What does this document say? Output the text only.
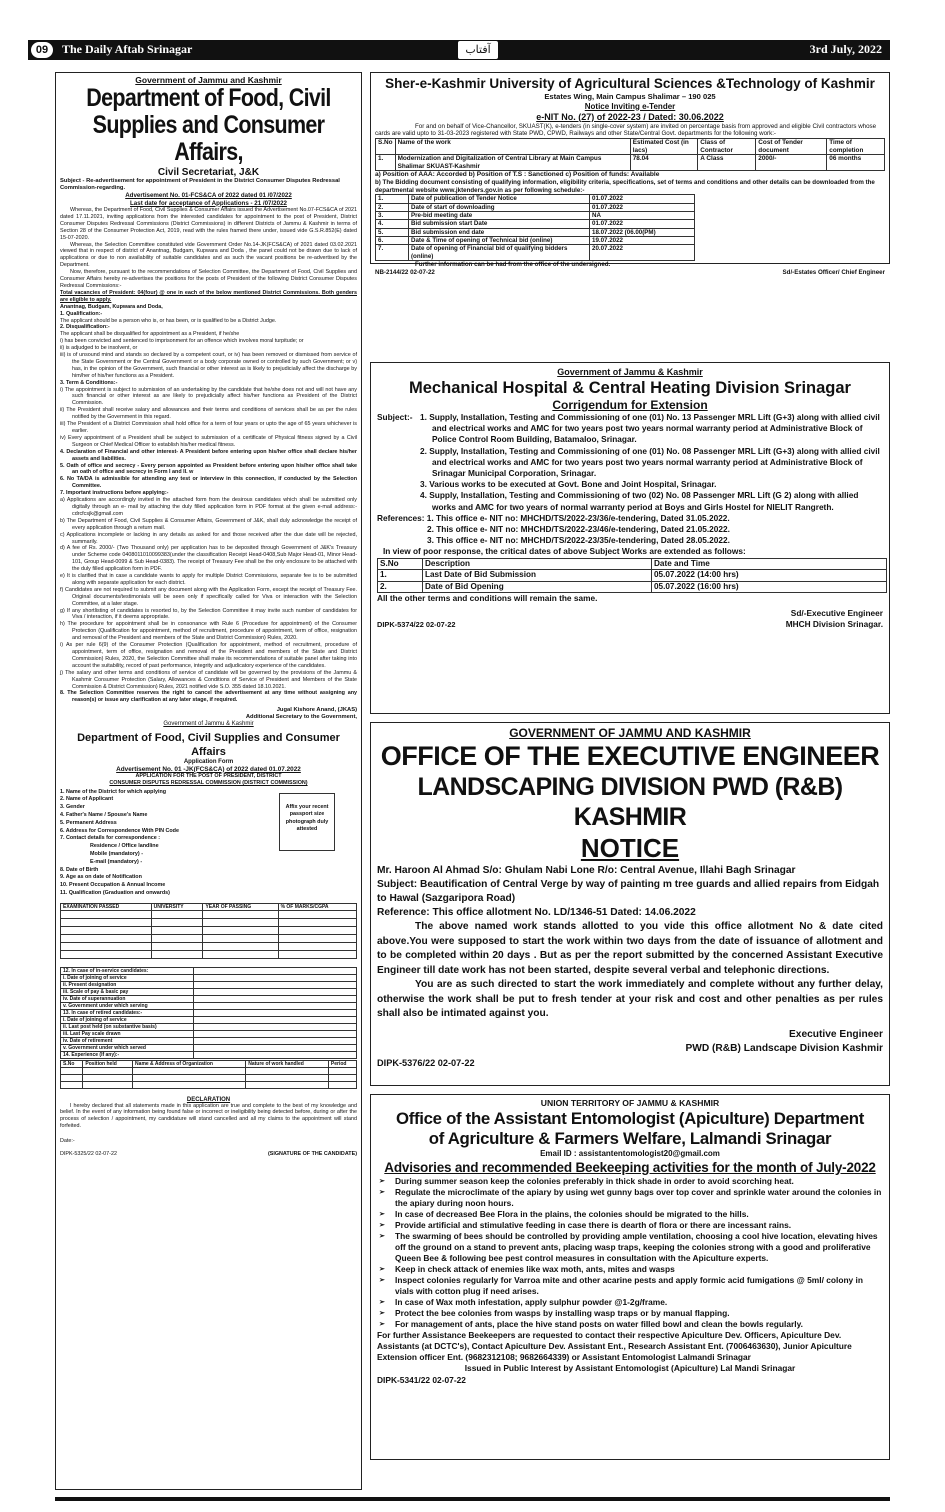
09	The Daily Aftab Srinagar	آفتاب	3rd July, 2022
Government of Jammu and Kashmir
Department of Food, Civil Supplies and Consumer Affairs,
Civil Secretariat, J&K
Subject - Re-advertisement for appointment of President in the District Consumer Disputes Redressal Commission-regarding.
Advertisement No. 01-FCS&CA of 2022 dated 01 /07/2022
Last date for acceptance of Applications - 21 /07/2022

Whereas, the Department of Food, Civil Supplies & Consumer Affairs issued the Advertisement No.07-FCS&CA of 2021 dated 17.11.2021, inviting applications from the interested candidates for appointment to the post of President, District Consumer Disputes Redressal Commissions (District Commissions) in different Districts of Jammu & Kashmir in terms of Section 28 of the Consumer Protection Act, 2019, read with the rules framed there under, issued vide G.S.R.852(E) dated 15-07-2020.

Whereas, the Selection Committee constituted vide Government Order No.14-JK(FCS&CA) of 2021 dated 03.02.2021 viewed that in respect of district of Anantnag, Budgam, Kupwara and Doda , the panel could not be drawn due to lack of applications or due to non availability of suitable candidates and as such the vacant positions be re-advertised by the Department.

Now, therefore, pursuant to the recommendations of Selection Committee, the Department of Food, Civil Supplies and Consumer Affairs hereby re-advertises the positions for the posts of President of the following District Consumer Disputes Redressal Commissions:-

Total vacancies of President: 04(four) @ one in each of the below mentioned District Commissions. Both genders are eligible to apply.

Anantnag, Budgam, Kupwara and Doda,

1. Qualification:-

The applicant should be a person who is, or has been, or is qualified to be a District Judge.

2. Disqualification:-

The applicant shall be disqualified for appointment as a President, if he/she

i) has been convicted and sentenced to imprisonment for an offence which involves moral turpitude; or

ii) is adjudged to be insolvent, or

iii) is of unsound mind and stands so declared by a competent court, or iv) has been removed or dismissed from service of the State Government or the Central Government or a body corporate owned or controlled by such Government; or v) has, in the opinion of the Government, such financial or other interest as is likely to prejudicially affect the discharge by him/her of his/her functions as a President.

3. Term & Conditions:-

i) The appointment is subject to submission of an undertaking by the candidate that he/she does not and will not have any such financial or other interest as are likely to prejudicially affect his/her functions as President of the District Commission.

ii) The President shall receive salary and allowances and their terms and conditions of services shall be as per the rules notified by the Government in this regard.

iii) The President of a District Commission shall hold office for a term of four years or upto the age of 65 years whichever is earlier.

iv) Every appointment of a President shall be subject to submission of a certificate of Physical fitness signed by a Civil Surgeon or Chief Medical Officer to establish his/her medical fitness.

4. Declaration of Financial and other interest- A President before entering upon his/her office shall declare his/her assets and liabilities.

5. Oath of office and secrecy - Every person appointed as President before entering upon his/her office shall take an oath of office and secrecy in Form I and II. w

6. No TA/DA is admissible for attending any test or interview in this connection, if conducted by the Selection Committee.

7. Important instructions before applying:-

a) Applications are accordingly invited in the attached form from the desirous candidates which shall be submitted only digitally through an e- mail by attaching the duly filled application form in PDF format at the given e-mail address:- cdrcfcsjk@gmail.com

b) The Department of Food, Civil Supplies & Consumer Affairs, Government of J&K, shall duly acknowledge the receipt of every application through a return mail.

c) Applications incomplete or lacking in any details as asked for and those received after the due date will be rejected, summarily.

d) A fee of Rs. 2000/- (Two Thousand only) per application has to be deposited through Government of J&K's Treasury under Scheme code 0408011010099383(under the classification Receipt Head-0408,Sub Major Head-01, Minor Head-101, Group Head-0099 & Sub Head-0383). The receipt of Treasury Fee shall be the only enclosure to be attached with the duly filled application form in PDF.

e) It is clarified that in case a candidate wants to apply for multiple District Commissions, separate fee is to be submitted along with separate application for each district.

f) Candidates are not required to submit any document along with the Application Form, except the receipt of Treasury Fee. Original documents/testimonials will be seen only if specifically called for Viva or interaction with the Selection Committee, at a later stage.

g) If any shortlisting of candidates is resorted to, by the Selection Committee it may invite such number of candidates for Viva / interaction, if it deems appropriate.

h) The procedure for appointment shall be in consonance with Rule 6 (Procedure for appointment) of the Consumer Protection (Qualification for appointment, method of recruitment, procedure of appointment, term of office, resignation and removal of the President and members of the State and District Commission) Rules, 2020.

i) As per rule 6(9) of the Consumer Protection (Qualification for appointment, method of recruitment, procedure of appointment, term of office, resignation and removal of the President and members of the State and District Commission) Rules, 2020, the Selection Committee shall make its recommendations of suitable panel after taking into account the suitability, record of past performance, integrity and adjudicatory experience of the candidates.

j) The salary and other terms and conditions of service of candidate will be governed by the provisions of the Jammu & Kashmir Consumer Protection (Salary, Allowances & Conditions of Service of President and Members of the State Commission & District Commission) Rules, 2021 notified vide S.O. 355 dated 18.10.2021.

8. The Selection Committee reserves the right to cancel the advertisement at any time without assigning any reason(s) or issue any clarification at any later stage, if required.

Jugal Kishore Anand, (JKAS)
Additional Secretary to the Government,
Government of Jammu & Kashmir
Department of Food, Civil Supplies and Consumer Affairs
Application Form
Advertisement No. 01 -JK(FCS&CA) of 2022 dated 01.07.2022
APPLICATION FOR THE POST OF PRESIDENT, DISTRICT
CONSUMER DISPUTES REDRESSAL COMMISSION (DISTRICT COMMISSION)
1. Name of the District for which applying
2. Name of Applicant
3. Gender
4. Father's Name / Spouse's Name
5. Permanent Address
6. Address for Correspondence With PIN Code
7. Contact details for correspondence :
Residence / Office landline
Mobile (mandatory) -
E-mail (mandatory) -
8. Date of Birth
9. Age as on date of Notification
10. Present Occupation & Annual Income
11. Qualification (Graduation and onwards)
Affix your recent passport size photograph duly attested
EXAMINATION PASSED	UNIVERSITY	YEAR OF PASSING	% OF MARKS/CGPA

12. In case of in-service candidates:	
i. Date of joining of service	
ii. Present designation	
iii. Scale of pay & basic pay	
iv. Date of superannuation	
v. Government under which serving	
13. In case of retired candidates:-	
i. Date of joining of service	
ii. Last post held (on substantive basis)	
iii. Last Pay scale drawn	
iv. Date of retirement	
v. Government under which served	
14. Experience (If any):-	
S.No	Position held	Name & Address of Organization	Nature of work handled	Period

DECLARATION
I hereby declared that all statements made in this application are true and complete to the best of my knowledge and belief. In the event of any information being found false or incorrect or ineligibility being detected before, during or after the process of selection / appointment, my candidature will stand cancelled and all my claims to the appointment will stand forfeited.
Date:-
DIPK-5325/22 02-07-22	(SIGNATURE OF THE CANDIDATE)
Sher-e-Kashmir University of Agricultural Sciences &Technology of Kashmir
Estates Wing, Main Campus Shalimar – 190 025
Notice Inviting e-Tender
e-NIT No. (27) of 2022-23 / Dated: 30.06.2022
For and on behalf of Vice-Chancellor, SKUAST(K), e-tenders (in single-cover system) are invited on percentage basis from approved and eligible Civil contractors whose cards are valid upto to 31-03-2023 registered with State PWD, CPWD, Railways and other State/Central Govt. departments for the following work:-
S.No	Name of the work	Estimated Cost (in lacs)	Class of Contractor	Cost of Tender document	Time of completion
1.	Modernization and Digitalization of Central Library at Main Campus Shalimar SKUAST-Kashmir	78.04	A Class	2000/-	06 months
a) Position of AAA: Accorded b) Position of T.S : Sanctioned c) Position of funds: Available
b) The Bidding document consisting of qualifying information, eligibility criteria, specifications, set of terms and conditions and other details can be downloaded from the departmental website www.jktenders.gov.in as per following schedule:-
1.	Date of publication of Tender Notice	01.07.2022
2.	Date of start of downloading	01.07.2022
3.	Pre-bid meeting date	NA
4.	Bid submission start Date	01.07.2022
5.	Bid submission end date	18.07.2022 (06.00(PM)
6.	Date & Time of opening of Technical bid (online)	19.07.2022
7.	Date of opening of Financial bid of qualifying bidders (online)	20.07.2022
Further information can be had from the office of the undersigned.
NB-2144/22 02-07-22	Sd/-Estates Officer/ Chief Engineer
Government of Jammu & Kashmir
Mechanical Hospital & Central Heating Division Srinagar
Corrigendum for Extension
Subject:- 1. Supply, Installation, Testing and Commissioning of one (01) No. 13 Passenger MRL Lift (G+3) along with allied civil and electrical works and AMC for two years post two years normal warranty period at Administrative Block of Police Control Room Building, Batamaloo, Srinagar.
2. Supply, Installation, Testing and Commissioning of one (01) No. 08 Passenger MRL Lift (G+3) along with allied civil and electrical works and AMC for two years post two years normal warranty period at Administrative Block of Srinagar Municipal Corporation, Srinagar.
3. Various works to be executed at Govt. Bone and Joint Hospital, Srinagar.
4. Supply, Installation, Testing and Commissioning of two (02) No. 08 Passenger MRL Lift (G 2) along with allied works and AMC for two years of normal warranty period at Boys and Girls Hostel for NIELIT Rangreth.
References: 1. This office e- NIT no: MHCHD/TS/2022-23/36/e-tendering, Dated 31.05.2022.
2. This office e- NIT no: MHCHD/TS/2022-23/46/e-tendering, Dated 21.05.2022.
3. This office e- NIT no: MHCHD/TS/2022-23/35/e-tendering, Dated 28.05.2022.
In view of poor response, the critical dates of above Subject Works are extended as follows:
S.No	Description	Date and Time
1.	Last Date of Bid Submission	05.07.2022 (14:00 hrs)
2.	Date of Bid Opening	05.07.2022 (16:00 hrs)
All the other terms and conditions will remain the same.
Sd/-Executive Engineer
DIPK-5374/22 02-07-22	MHCH Division Srinagar.
GOVERNMENT OF JAMMU AND KASHMIR
OFFICE OF THE EXECUTIVE ENGINEER
LANDSCAPING DIVISION PWD (R&B) KASHMIR
NOTICE
Mr. Haroon Al Ahmad S/o: Ghulam Nabi Lone R/o: Central Avenue, Illahi Bagh Srinagar
Subject: Beautification of Central Verge by way of painting m tree guards and allied repairs from Eidgah to Hawal (Sazgaripora Road)
Reference: This office allotment No. LD/1346-51 Dated: 14.06.2022
The above named work stands allotted to you vide this office allotment No & date cited above.You were supposed to start the work within two days from the date of issuance of allotment and to be completed within 20 days . But as per the report submitted by the concerned Assistant Executive Engineer till date work has not been started, despite several verbal and telephonic directions.
You are as such directed to start the work immediately and complete without any further delay, otherwise the work shall be put to fresh tender at your risk and cost and other penalties as per rules shall also be intimated against you.
Executive Engineer
PWD (R&B) Landscape Division Kashmir
DIPK-5376/22 02-07-22
UNION TERRITORY OF JAMMU & KASHMIR
Office of the Assistant Entomologist (Apiculture) Department
of Agriculture & Farmers Welfare, Lalmandi Srinagar
Email ID : assistantentomologist20@gmail.com
Advisories and recommended Beekeeping activities for the month of July-2022
➢ During summer season keep the colonies preferably in thick shade in order to avoid scorching heat.
➢ Regulate the microclimate of the apiary by using wet gunny bags over top cover and sprinkle water around the colonies in the apiary during noon hours.
➢ In case of decreased Bee Flora in the plains, the colonies should be migrated to the hills.
➢ Provide artificial and stimulative feeding in case there is dearth of flora or there are incessant rains.
➢ The swarming of bees should be controlled by providing ample ventilation, choosing a cool hive location, elevating hives off the ground on a stand to prevent ants, placing wasp traps, keeping the colonies strong with a good and proliferative Queen Bee & following bee pest control measures in consultation with the Apiculture experts.
➢ Keep in check attack of enemies like wax moth, ants, mites and wasps
➢ Inspect colonies regularly for Varroa mite and other acarine pests and apply formic acid fumigations @ 5ml/ colony in vials with cotton plug if need arises.
➢ In case of Wax moth infestation, apply sulphur powder @1-2g/frame.
➢ Protect the bee colonies from wasps by installing wasp traps or by manual flapping.
➢ For management of ants, place the hive stand posts on water filled bowl and clean the bowls regularly.
For further Assistance Beekeepers are requested to contact their respective Apiculture Dev. Officers, Apiculture Dev. Assistants (at DCTC's), Contact Apiculture Dev. Assistant Ent., Research Assistant Ent. (7006463630), Junior Apiculture Extension officer Ent. (9682312108; 9682664339) or Assistant Entomologist Lalmandi Srinagar
Issued in Public Interest by Assistant Entomologist (Apiculture) Lal Mandi Srinagar
DIPK-5341/22 02-07-22
